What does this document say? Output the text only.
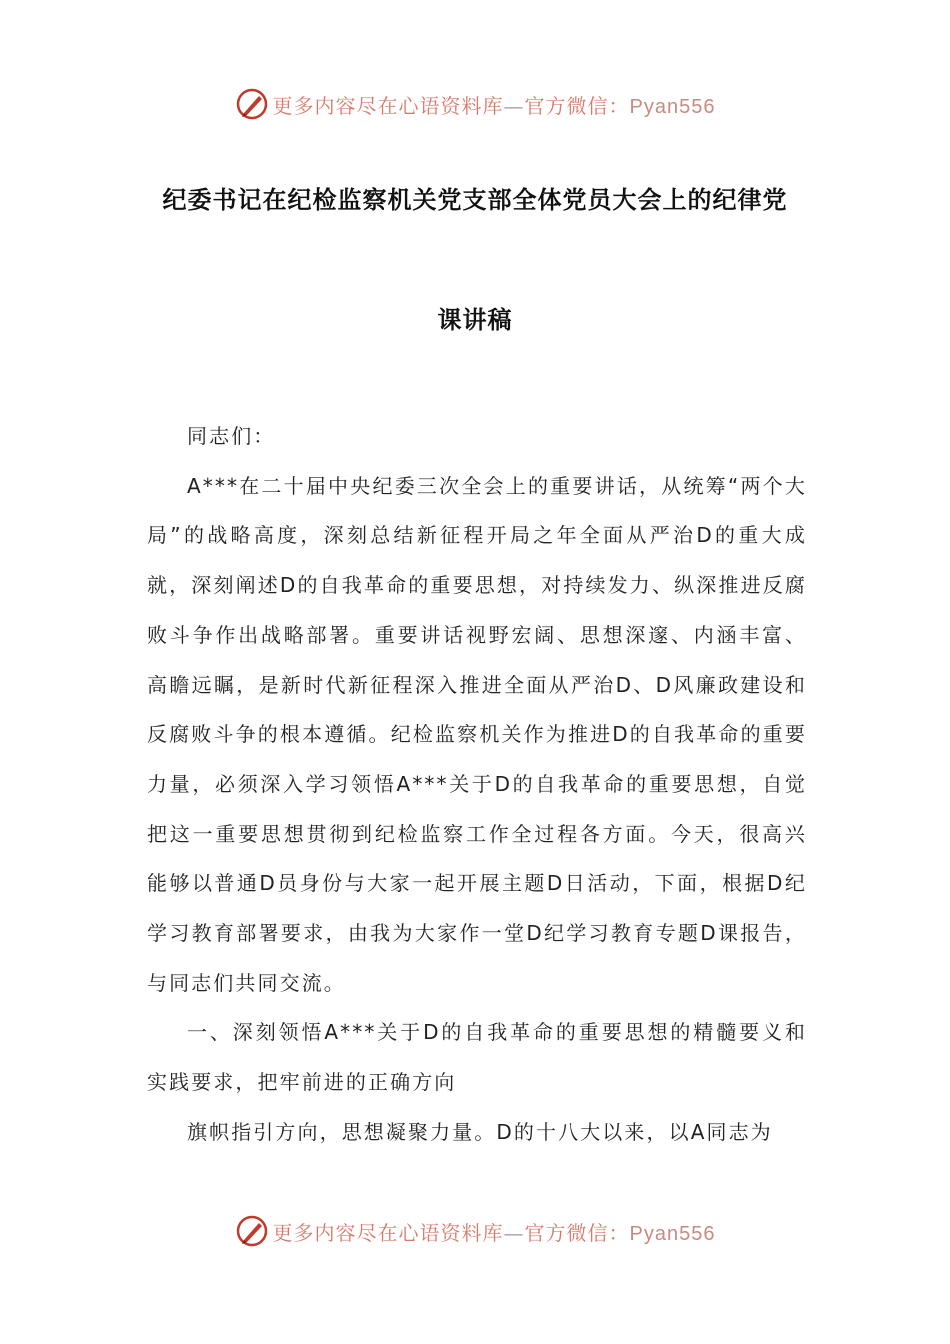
更多内容尽在心语资料库—官方微信：Pyan556
纪委书记在纪检监察机关党支部全体党员大会上的纪律党
课讲稿

同志们：

A***在二十届中央纪委三次全会上的重要讲话，从统筹“两个大局”的战略高度，深刻总结新征程开局之年全面从严治D的重大成就，深刻阐述D的自我革命的重要思想，对持续发力、纵深推进反腐败斗争作出战略部署。重要讲话视野宏阔、思想深邃、内涵丰富、高瞻远瞩，是新时代新征程深入推进全面从严治D、D风廉政建设和反腐败斗争的根本遵循。纪检监察机关作为推进D的自我革命的重要力量，必须深入学习领悟A***关于D的自我革命的重要思想，自觉把这一重要思想贯彻到纪检监察工作全过程各方面。今天，很高兴能够以普通D员身份与大家一起开展主题D日活动，下面，根据D纪学习教育部署要求，由我为大家作一堂D纪学习教育专题D课报告，与同志们共同交流。

一、深刻领悟A***关于D的自我革命的重要思想的精髓要义和实践要求，把牢前进的正确方向

旗帜指引方向，思想凝聚力量。D的十八大以来，以A同志为

更多内容尽在心语资料库—官方微信：Pyan556
